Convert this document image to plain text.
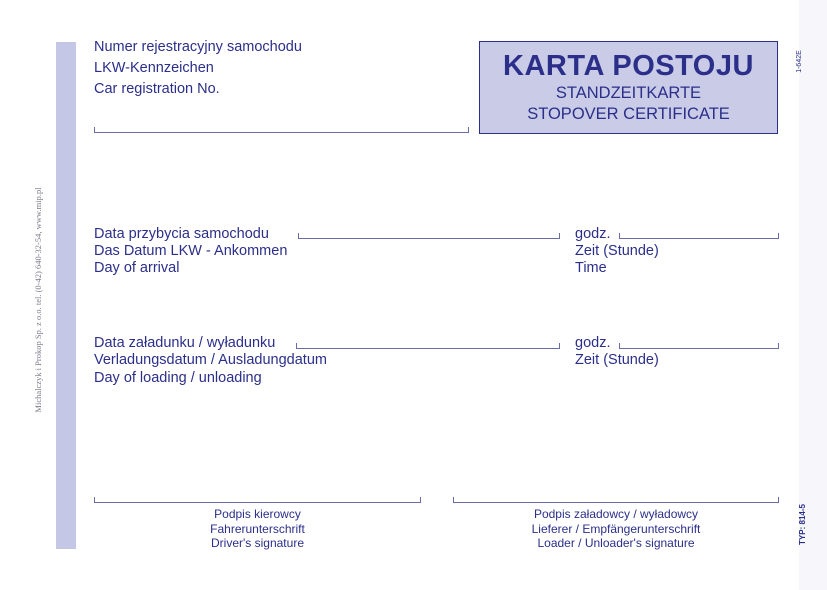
Michalczyk i Prokop Sp. z o.o. tel. (0-42) 640-32-54, www.mip.pl
1-642E
TYP: 814-5
Numer rejestracyjny samochodu
LKW-Kennzeichen
Car registration No.
KARTA POSTOJU
STANDZEITKARTE
STOPOVER CERTIFICATE
Data przybycia samochodu
Das Datum LKW - Ankommen
Day of arrival
godz.
Zeit (Stunde)
Time
Data załadunku / wyładunku
Verladungsdatum / Ausladungdatum
Day of loading / unloading
godz.
Zeit (Stunde)
Podpis kierowcy
Fahrerunterschrift
Driver's signature
Podpis załadowcy / wyładowcy
Lieferer / Empfängerunterschrift
Loader / Unloader's signature
